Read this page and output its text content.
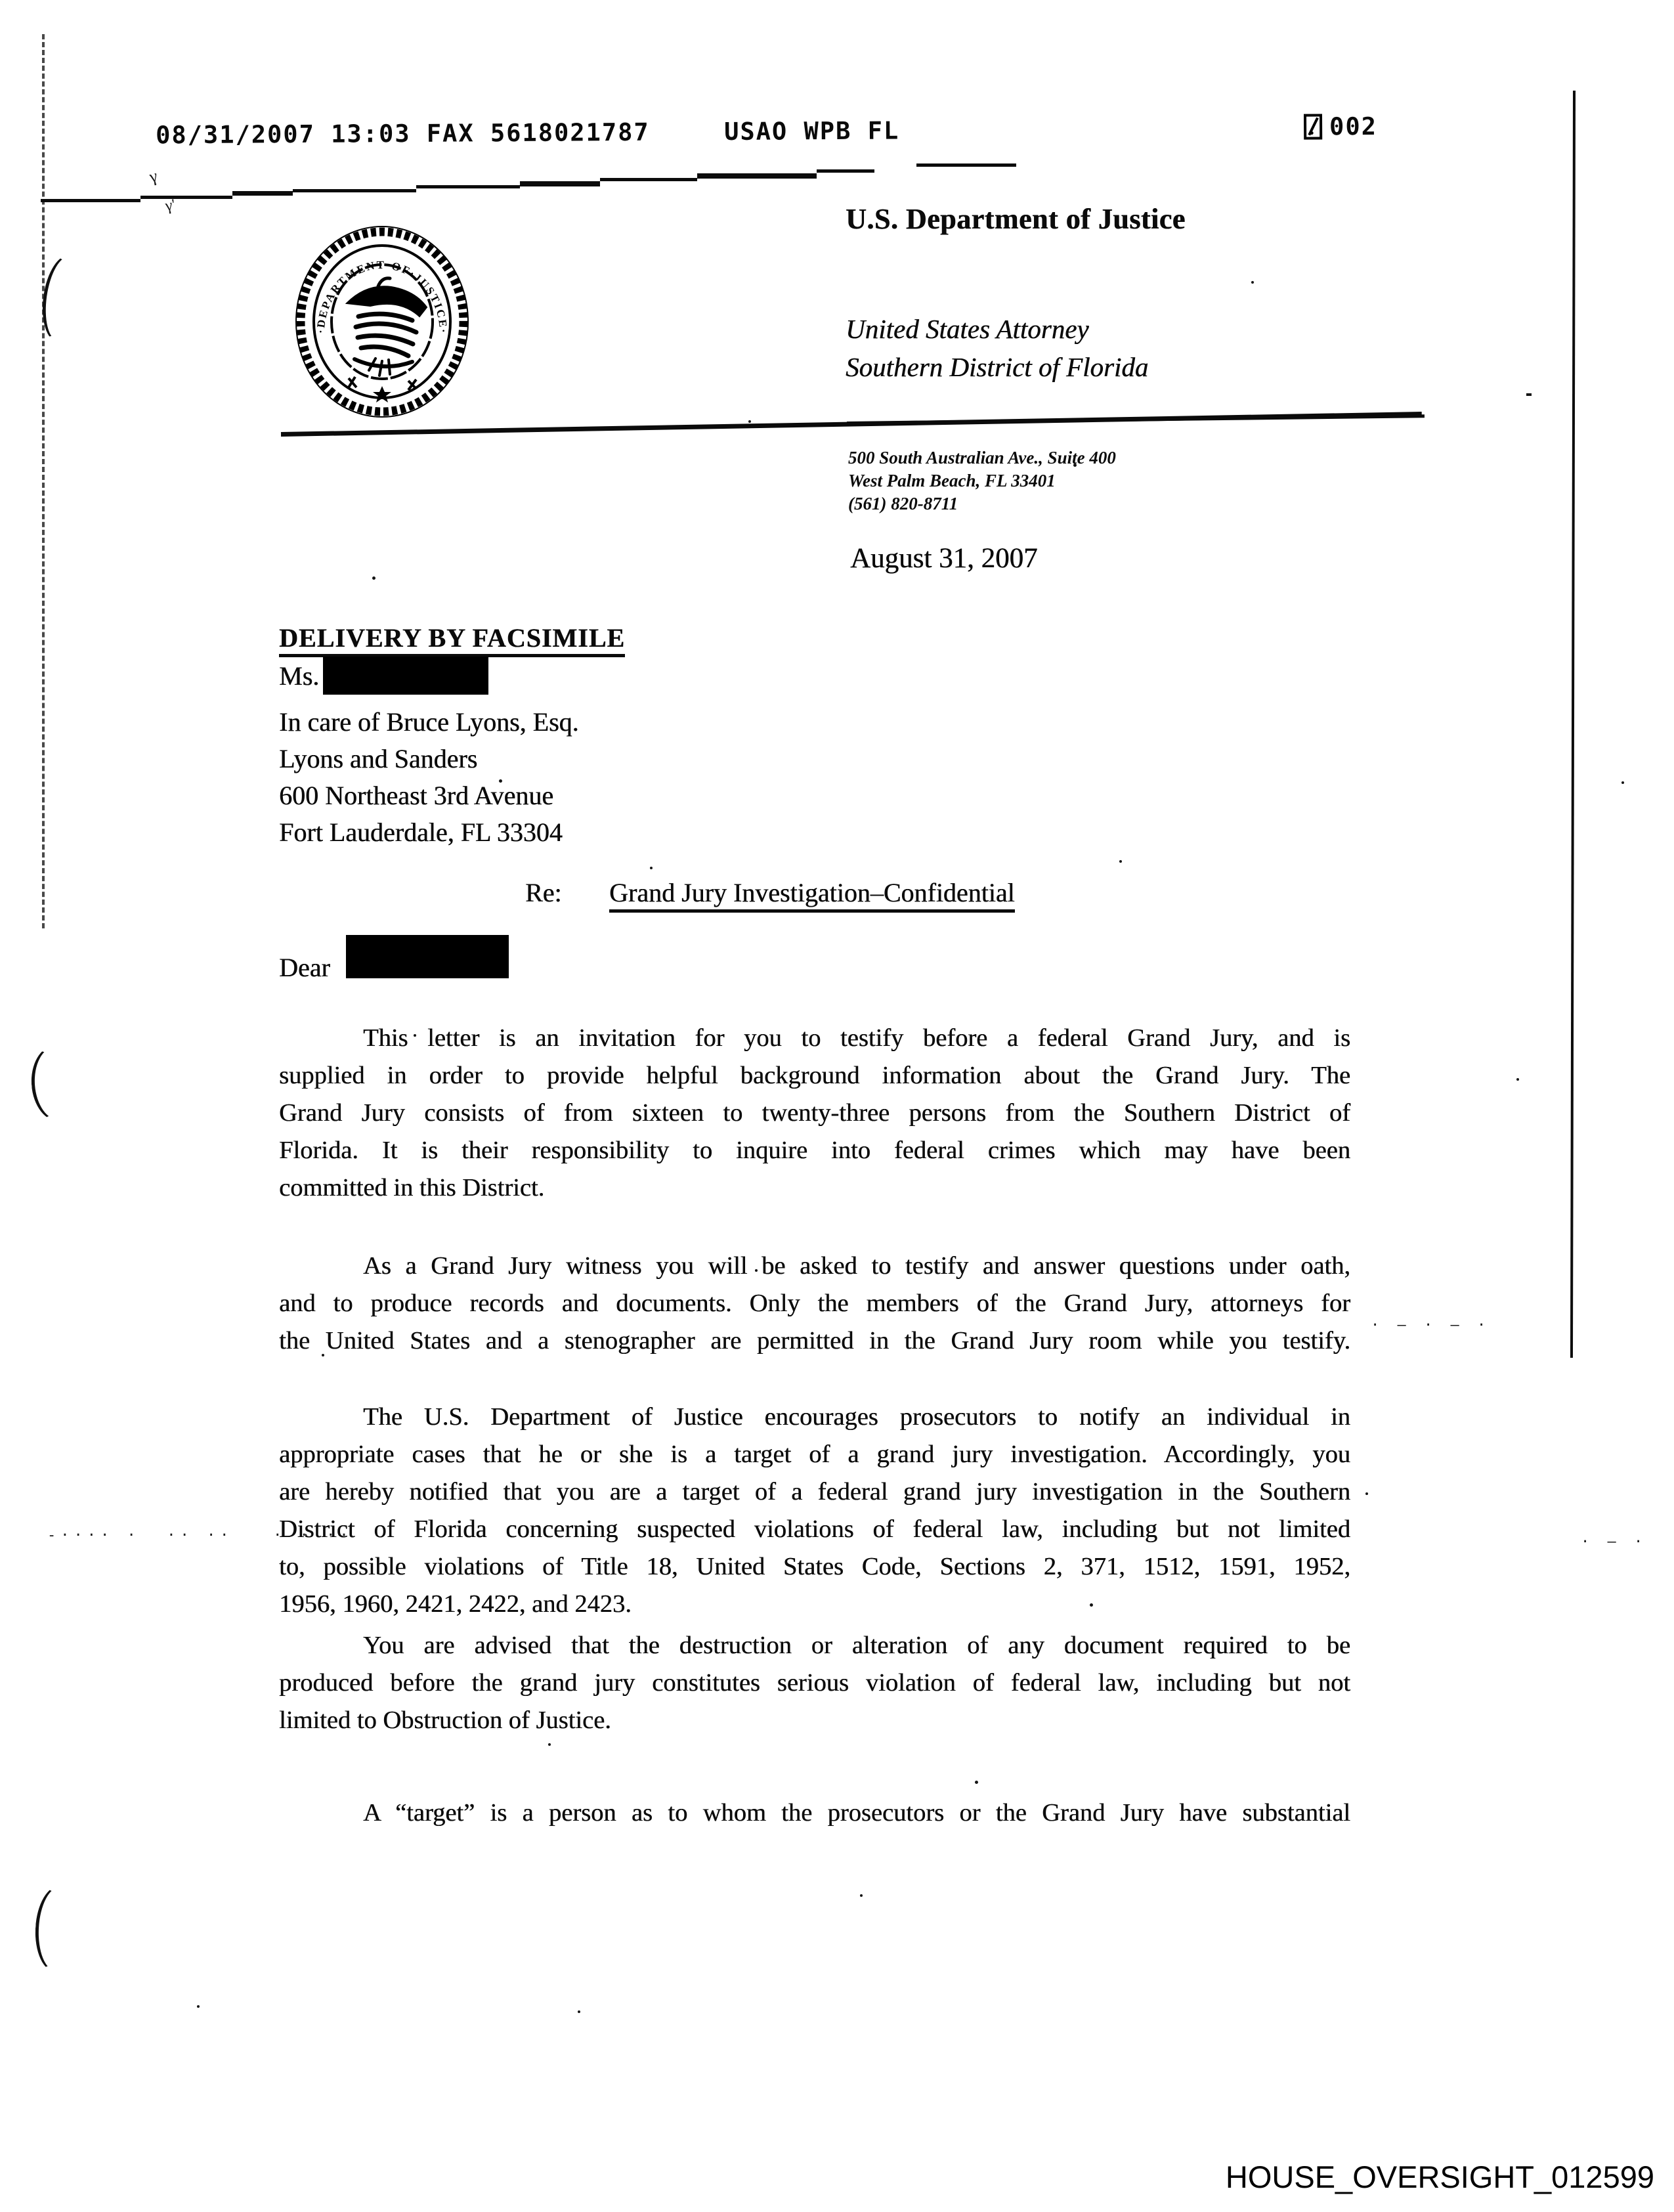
-···· ·  ·· ··   · · ··	· – ·
· – · – ·
γ
γ'
08/31/2007 13:03 FAX 5618021787	USAO WPB FL	002
·DEPARTMENT·OF·JUSTICE·
U.S. Department of Justice
United States Attorney
Southern District of Florida
500 South Australian Ave., Suite 400
West Palm Beach, FL 33401
(561) 820-8711
August 31, 2007
DELIVERY BY FACSIMILE
Ms.
In care of Bruce Lyons, Esq.
Lyons and Sanders
600 Northeast 3rd Avenue
Fort Lauderdale, FL 33304
Re: Grand Jury Investigation–Confidential
Dear
This letter is an invitation for you to testify before a federal Grand Jury, and is
supplied in order to provide helpful background information about the Grand Jury. The
Grand Jury consists of from sixteen to twenty-three persons from the Southern District of
Florida. It is their responsibility to inquire into federal crimes which may have been
committed in this District.
As a Grand Jury witness you will be asked to testify and answer questions under oath,
and to produce records and documents. Only the members of the Grand Jury, attorneys for
the United States and a stenographer are permitted in the Grand Jury room while you testify.
The U.S. Department of Justice encourages prosecutors to notify an individual in
appropriate cases that he or she is a target of a grand jury investigation. Accordingly, you
are hereby notified that you are a target of a federal grand jury investigation in the Southern
District of Florida concerning suspected violations of federal law, including but not limited
to, possible violations of Title 18, United States Code, Sections 2, 371, 1512, 1591, 1952,
1956, 1960, 2421, 2422, and 2423.
You are advised that the destruction or alteration of any document required to be
produced before the grand jury constitutes serious violation of federal law, including but not
limited to Obstruction of Justice.
A “target” is a person as to whom the prosecutors or the Grand Jury have substantial
HOUSE_OVERSIGHT_012599
